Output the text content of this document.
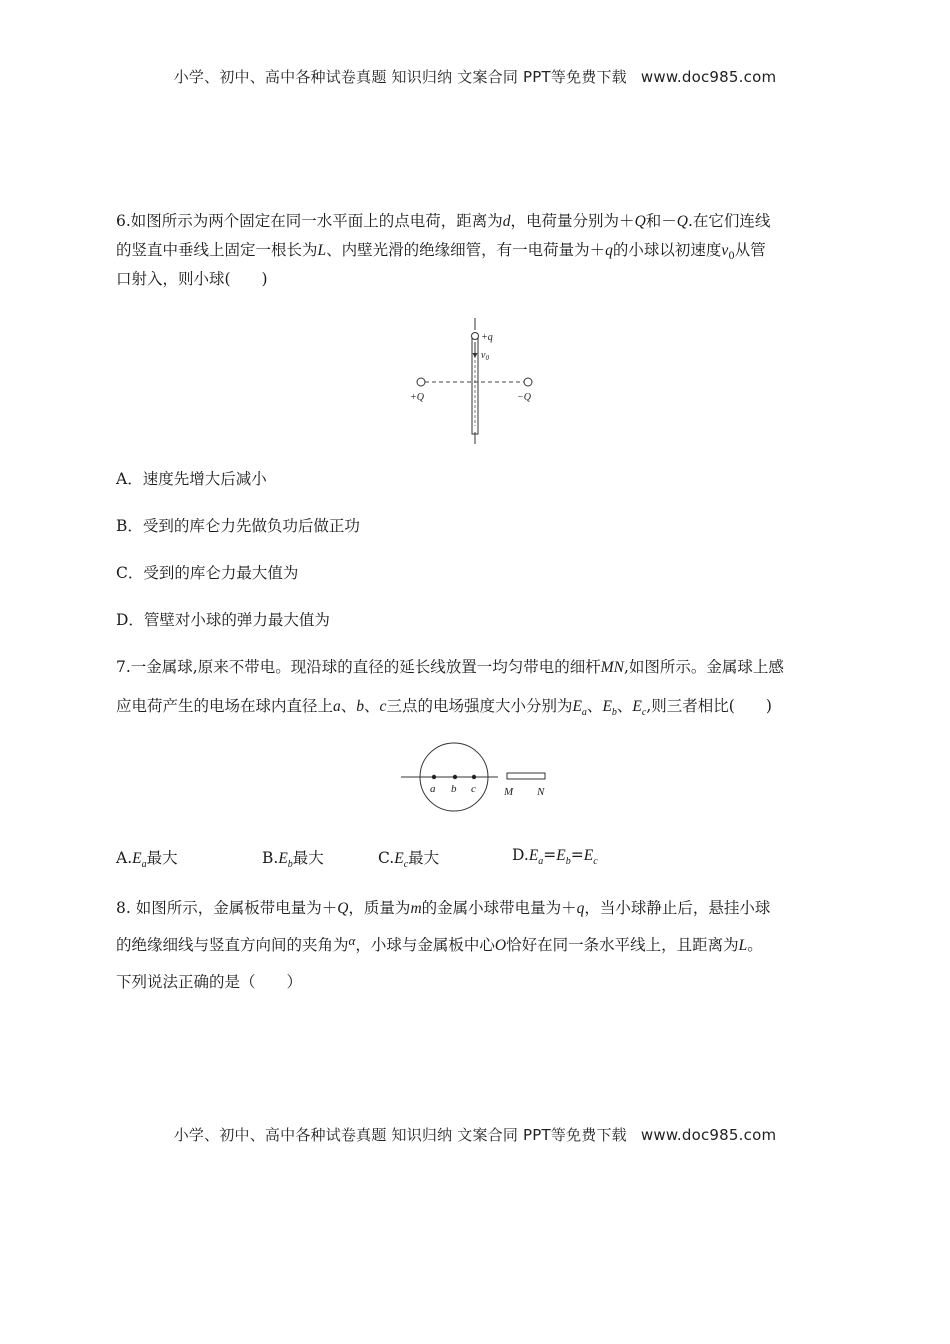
小学、初中、高中各种试卷真题 知识归纳 文案合同 PPT等免费下载 www.doc985.com
6.如图所示为两个固定在同一水平面上的点电荷，距离为d，电荷量分别为＋Q和－Q.在它们连线
的竖直中垂线上固定一根长为L、内壁光滑的绝缘细管，有一电荷量为＋q的小球以初速度$v_0$从管
口射入，则小球(　　)
+q
$v_0$
+Q	−Q
A．速度先增大后减小
B．受到的库仑力先做负功后做正功
C．受到的库仑力最大值为
D．管壁对小球的弹力最大值为
7.一金属球,原来不带电。现沿球的直径的延长线放置一均匀带电的细杆MN,如图所示。金属球上感
应电荷产生的电场在球内直径上a、b、c三点的电场强度大小分别为$E_a$、$E_b$、$E_c$,则三者相比(　　)
a b c	M N
$A.E_a$最大	$B.E_b$最大	$C.E_c$最大	$D.E_a=E_b=E_c$
8. 如图所示，金属板带电量为＋Q，质量为m的金属小球带电量为＋q，当小球静止后，悬挂小球
的绝缘细线与竖直方向间的夹角为$^\alpha$，小球与金属板中心O恰好在同一条水平线上，且距离为L。
下列说法正确的是（　　）
小学、初中、高中各种试卷真题 知识归纳 文案合同 PPT等免费下载 www.doc985.com
